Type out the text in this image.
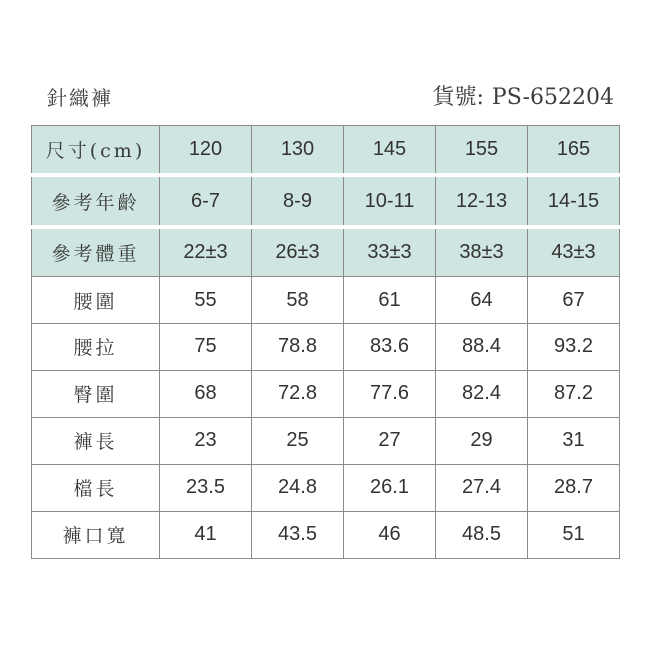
針織褲	貨號: PS-652204
尺寸(cm)	120	130	145	155	165
參考年齡	6-7	8-9	10-11	12-13	14-15
參考體重	22±3	26±3	33±3	38±3	43±3
腰圍	55	58	61	64	67
腰拉	75	78.8	83.6	88.4	93.2
臀圍	68	72.8	77.6	82.4	87.2
褲長	23	25	27	29	31
檔長	23.5	24.8	26.1	27.4	28.7
褲口寬	41	43.5	46	48.5	51
